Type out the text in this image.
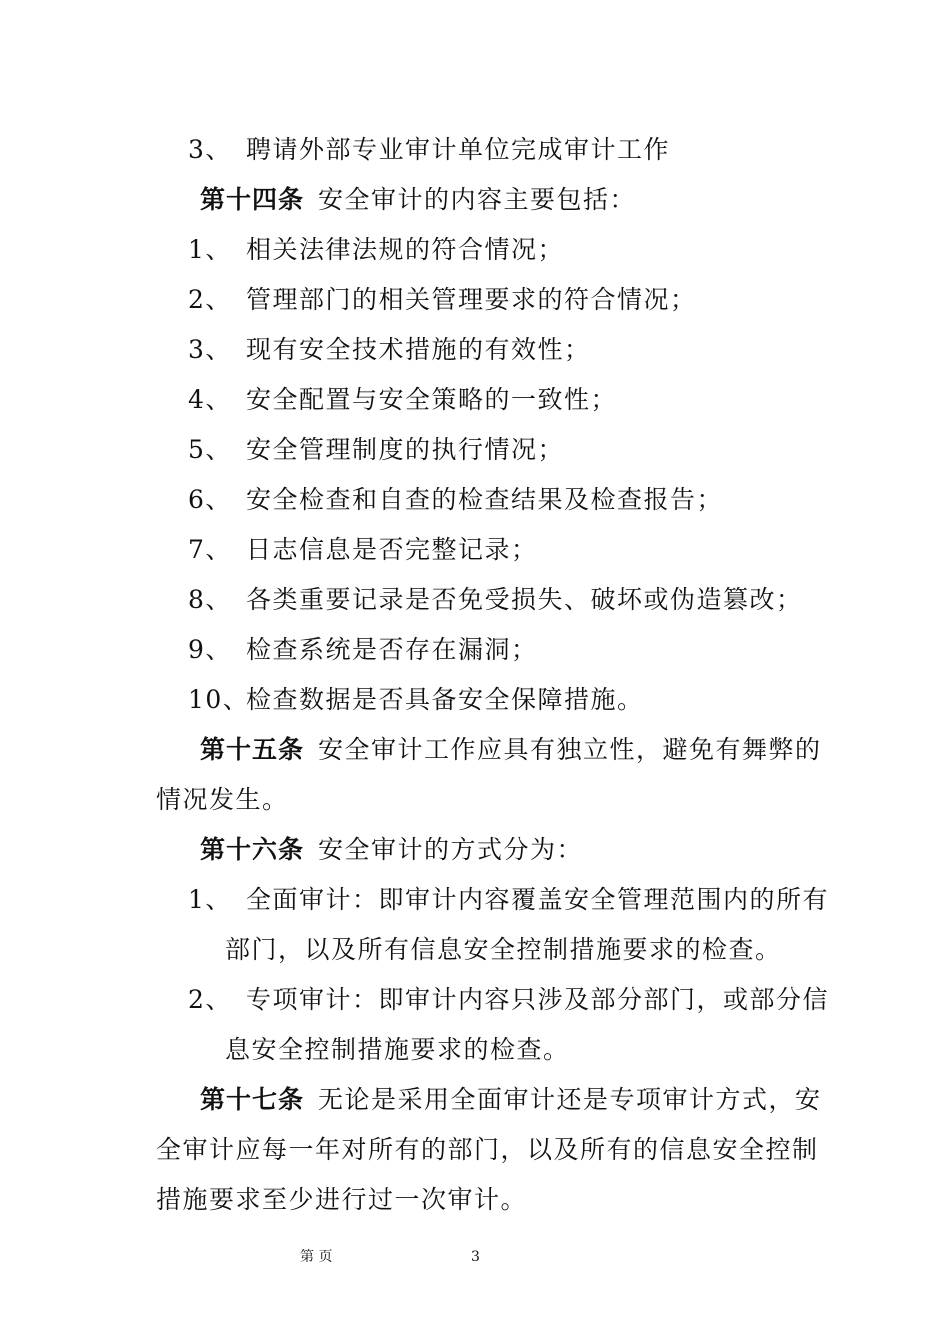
3、 聘请外部专业审计单位完成审计工作
第十四条 安全审计的内容主要包括：
1、 相关法律法规的符合情况；
2、 管理部门的相关管理要求的符合情况；
3、 现有安全技术措施的有效性；
4、 安全配置与安全策略的一致性；
5、 安全管理制度的执行情况；
6、 安全检查和自查的检查结果及检查报告；
7、 日志信息是否完整记录；
8、 各类重要记录是否免受损失、破坏或伪造篡改；
9、 检查系统是否存在漏洞；
10、检查数据是否具备安全保障措施。
第十五条 安全审计工作应具有独立性，避免有舞弊的
情况发生。
第十六条 安全审计的方式分为：
1、 全面审计：即审计内容覆盖安全管理范围内的所有
部门，以及所有信息安全控制措施要求的检查。
2、 专项审计：即审计内容只涉及部分部门，或部分信
息安全控制措施要求的检查。
第十七条 无论是采用全面审计还是专项审计方式，安
全审计应每一年对所有的部门，以及所有的信息安全控制
措施要求至少进行过一次审计。
第 页	3
